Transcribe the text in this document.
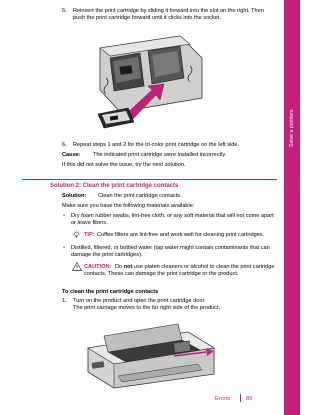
Solve a problem
5. Reinsert the print cartridge by sliding it forward into the slot on the right. Then
push the print cartridge forward until it clicks into the socket.
6. Repeat steps 1 and 2 for the tri-color print cartridge on the left side.
Cause: The indicated print cartridge were installed incorrectly.
If this did not solve the issue, try the next solution.
Solution 2: Clean the print cartridge contacts
Solution: Clean the print cartridge contacts.
Make sure you have the following materials available:
• Dry foam rubber swabs, lint-free cloth, or any soft material that will not come apart
or leave fibers.
TIP: Coffee filters are lint-free and work well for cleaning print cartridges.
• Distilled, filtered, or bottled water (tap water might contain contaminants that can
damage the print cartridges).
CAUTION: Do not use platen cleaners or alcohol to clean the print cartridge
contacts. These can damage the print cartridge or the product.
To clean the print cartridge contacts
1. Turn on the product and open the print cartridge door.
The print carriage moves to the far right side of the product.
Errors	89
